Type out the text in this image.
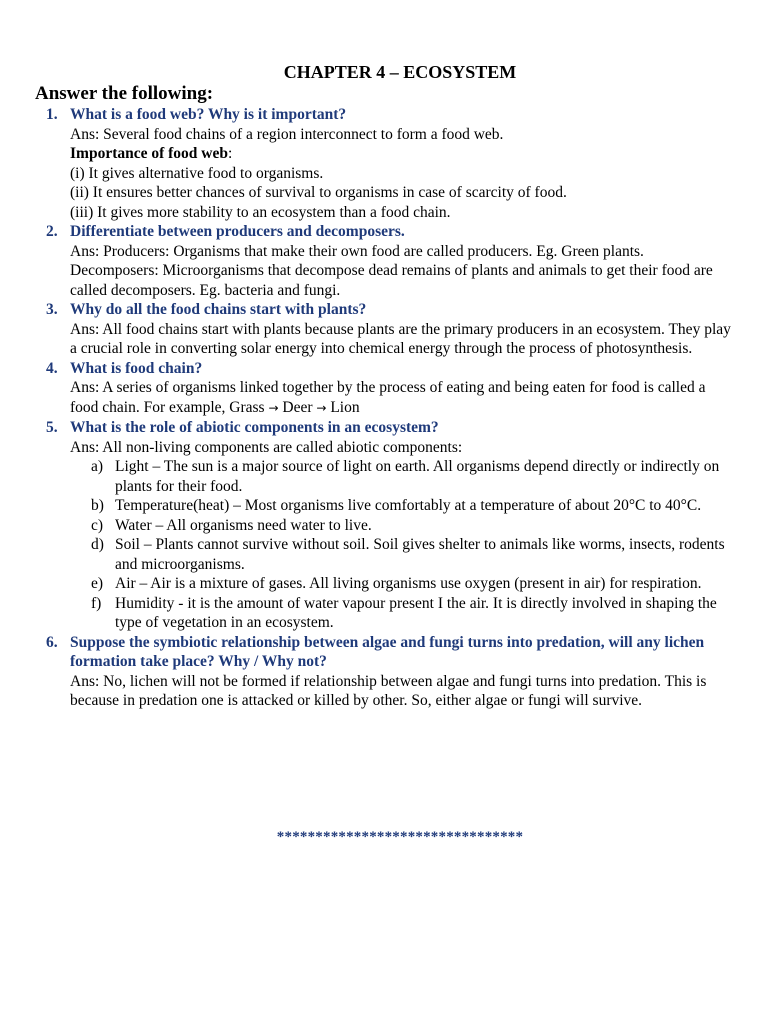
CHAPTER 4 – ECOSYSTEM
Answer the following:
1. What is a food web? Why is it important?
Ans: Several food chains of a region interconnect to form a food web.
Importance of food web:
(i) It gives alternative food to organisms.
(ii) It ensures better chances of survival to organisms in case of scarcity of food.
(iii) It gives more stability to an ecosystem than a food chain.
2. Differentiate between producers and decomposers.
Ans: Producers: Organisms that make their own food are called producers. Eg. Green plants.
Decomposers: Microorganisms that decompose dead remains of plants and animals to get their food are called decomposers. Eg. bacteria and fungi.
3. Why do all the food chains start with plants?
Ans: All food chains start with plants because plants are the primary producers in an ecosystem. They play a crucial role in converting solar energy into chemical energy through the process of photosynthesis.
4. What is food chain?
Ans: A series of organisms linked together by the process of eating and being eaten for food is called a food chain. For example, Grass → Deer → Lion
5. What is the role of abiotic components in an ecosystem?
Ans: All non-living components are called abiotic components:
a) Light – The sun is a major source of light on earth. All organisms depend directly or indirectly on plants for their food.
b) Temperature(heat) – Most organisms live comfortably at a temperature of about 20°C to 40°C.
c) Water – All organisms need water to live.
d) Soil – Plants cannot survive without soil. Soil gives shelter to animals like worms, insects, rodents and microorganisms.
e) Air – Air is a mixture of gases. All living organisms use oxygen (present in air) for respiration.
f) Humidity - it is the amount of water vapour present I the air. It is directly involved in shaping the type of vegetation in an ecosystem.
6. Suppose the symbiotic relationship between algae and fungi turns into predation, will any lichen formation take place? Why / Why not?
Ans: No, lichen will not be formed if relationship between algae and fungi turns into predation. This is because in predation one is attacked or killed by other. So, either algae or fungi will survive.
********************************
